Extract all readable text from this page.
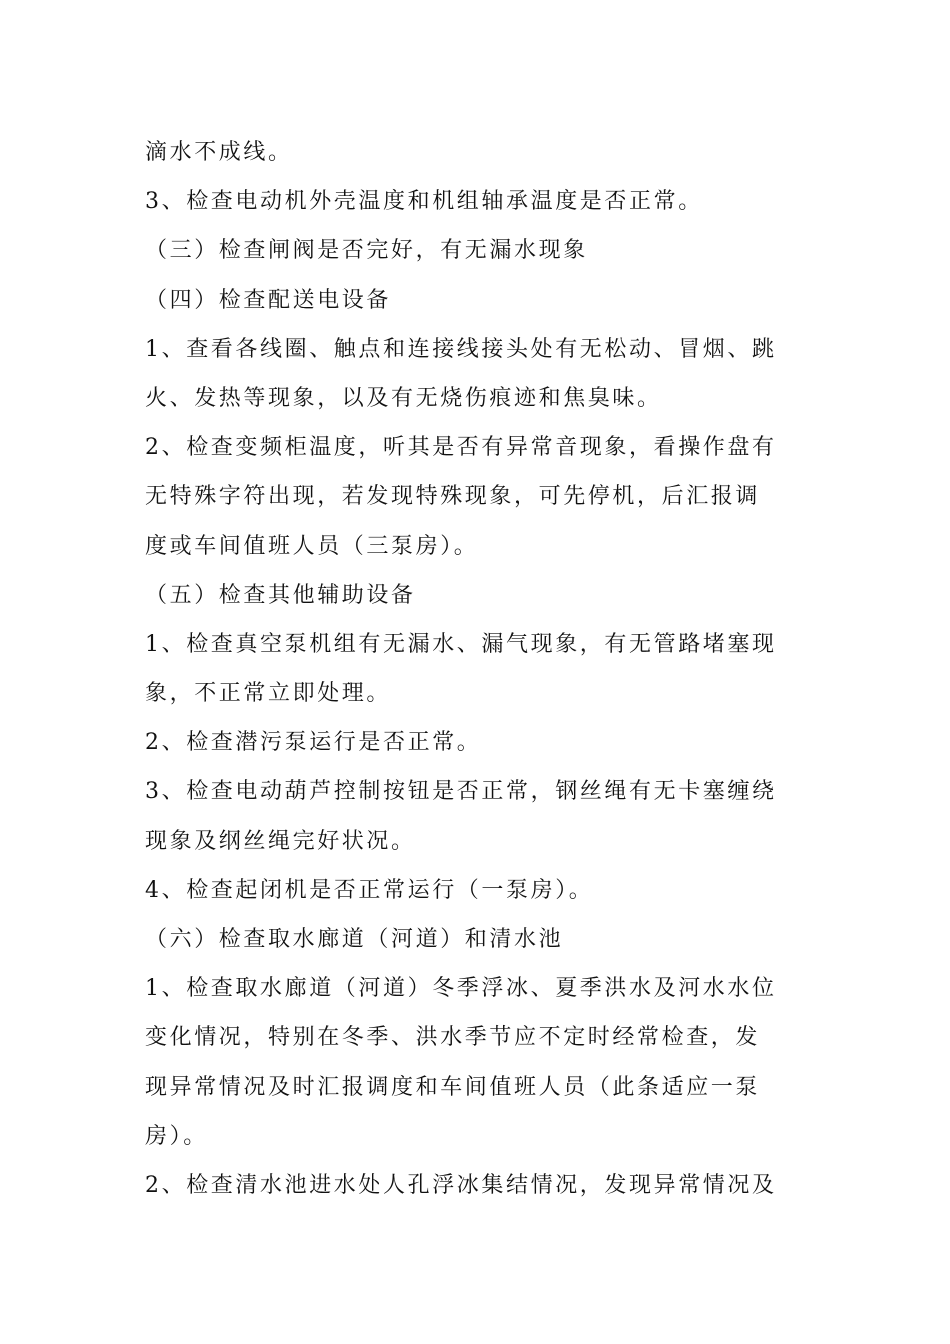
滴水不成线。
3、检查电动机外壳温度和机组轴承温度是否正常。
（三）检查闸阀是否完好，有无漏水现象
（四）检查配送电设备
1、查看各线圈、触点和连接线接头处有无松动、冒烟、跳
火、发热等现象，以及有无烧伤痕迹和焦臭味。
2、检查变频柜温度，听其是否有异常音现象，看操作盘有
无特殊字符出现，若发现特殊现象，可先停机，后汇报调
度或车间值班人员（三泵房）。
（五）检查其他辅助设备
1、检查真空泵机组有无漏水、漏气现象，有无管路堵塞现
象，不正常立即处理。
2、检查潜污泵运行是否正常。
3、检查电动葫芦控制按钮是否正常，钢丝绳有无卡塞缠绕
现象及纲丝绳完好状况。
4、检查起闭机是否正常运行（一泵房）。
（六）检查取水廊道（河道）和清水池
1、检查取水廊道（河道）冬季浮冰、夏季洪水及河水水位
变化情况，特别在冬季、洪水季节应不定时经常检查，发
现异常情况及时汇报调度和车间值班人员（此条适应一泵
房）。
2、检查清水池进水处人孔浮冰集结情况，发现异常情况及
